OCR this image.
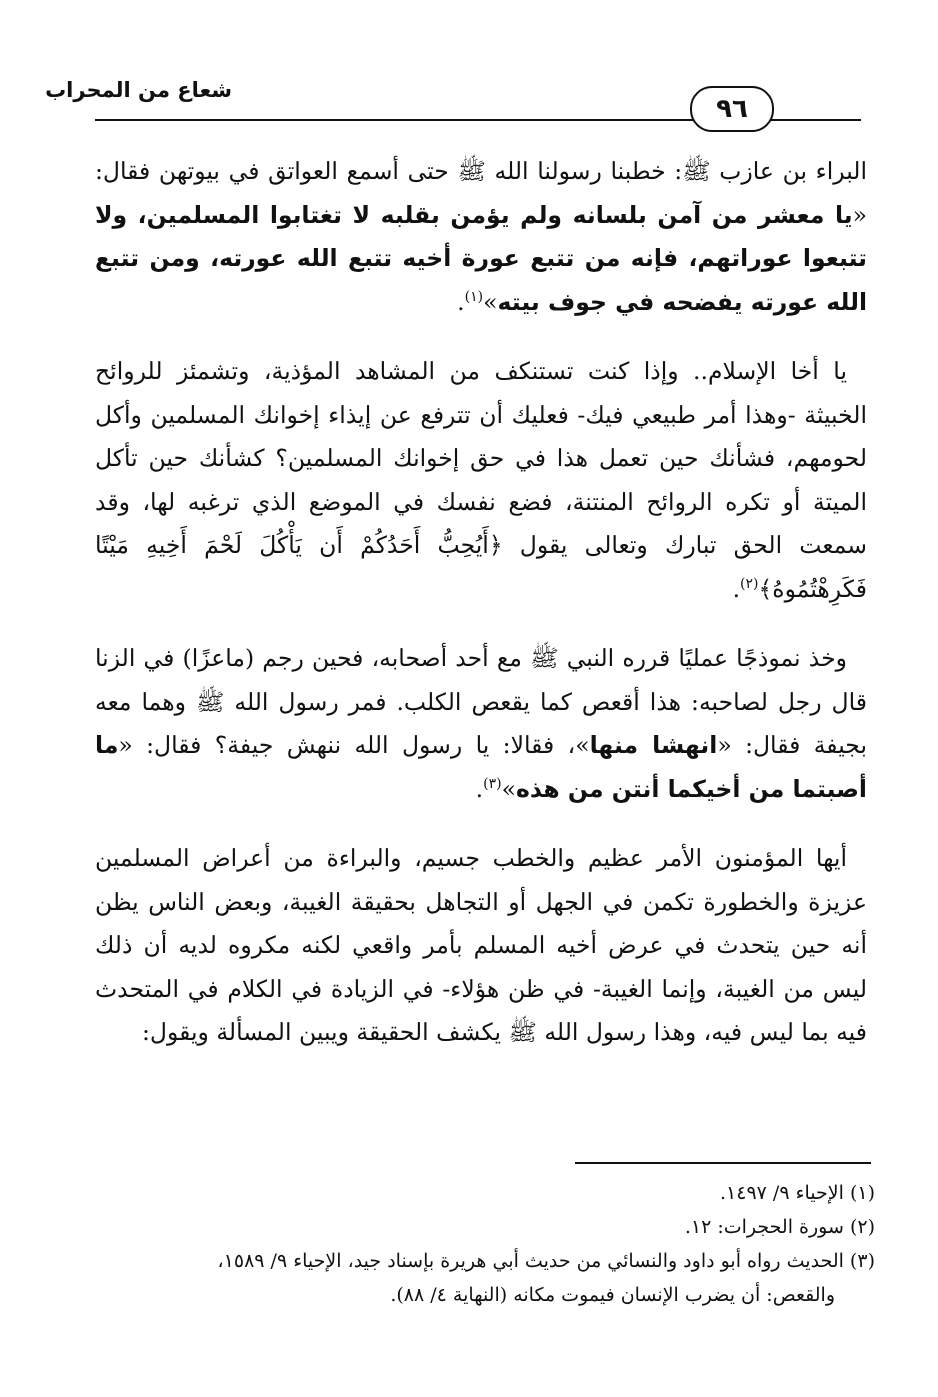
شعاع من المحراب
٩٦

البراء بن عازب ﷺ: خطبنا رسولنا الله ﷺ حتى أسمع العواتق في بيوتهن فقال: «يا معشر من آمن بلسانه ولم يؤمن بقلبه لا تغتابوا المسلمين، ولا تتبعوا عوراتهم، فإنه من تتبع عورة أخيه تتبع الله عورته، ومن تتبع الله عورته يفضحه في جوف بيته»$^{(١)}$.

يا أخا الإسلام.. وإذا كنت تستنكف من المشاهد المؤذية، وتشمئز للروائح الخبيثة -وهذا أمر طبيعي فيك- فعليك أن تترفع عن إيذاء إخوانك المسلمين وأكل لحومهم، فشأنك حين تعمل هذا في حق إخوانك المسلمين؟ كشأنك حين تأكل الميتة أو تكره الروائح المنتنة، فضع نفسك في الموضع الذي ترغبه لها، وقد سمعت الحق تبارك وتعالى يقول ﴿أَيُحِبُّ أَحَدُكُمْ أَن يَأْكُلَ لَحْمَ أَخِيهِ مَيْتًا فَكَرِهْتُمُوهُ﴾$^{(٢)}$.

وخذ نموذجًا عمليًا قرره النبي ﷺ مع أحد أصحابه، فحين رجم (ماعزًا) في الزنا قال رجل لصاحبه: هذا أقعص كما يقعص الكلب. فمر رسول الله ﷺ وهما معه بجيفة فقال: «انهشا منها»، فقالا: يا رسول الله ننهش جيفة؟ فقال: «ما أصبتما من أخيكما أنتن من هذه»$^{(٣)}$.

أيها المؤمنون الأمر عظيم والخطب جسيم، والبراءة من أعراض المسلمين عزيزة والخطورة تكمن في الجهل أو التجاهل بحقيقة الغيبة، وبعض الناس يظن أنه حين يتحدث في عرض أخيه المسلم بأمر واقعي لكنه مكروه لديه أن ذلك ليس من الغيبة، وإنما الغيبة- في ظن هؤلاء- في الزيادة في الكلام في المتحدث فيه بما ليس فيه، وهذا رسول الله ﷺ يكشف الحقيقة ويبين المسألة ويقول:

(١) الإحياء ٩/ ١٤٩٧.
(٢) سورة الحجرات: ١٢.
(٣) الحديث رواه أبو داود والنسائي من حديث أبي هريرة بإسناد جيد، الإحياء ٩/ ١٥٨٩،
والقعص: أن يضرب الإنسان فيموت مكانه (النهاية ٤/ ٨٨).
